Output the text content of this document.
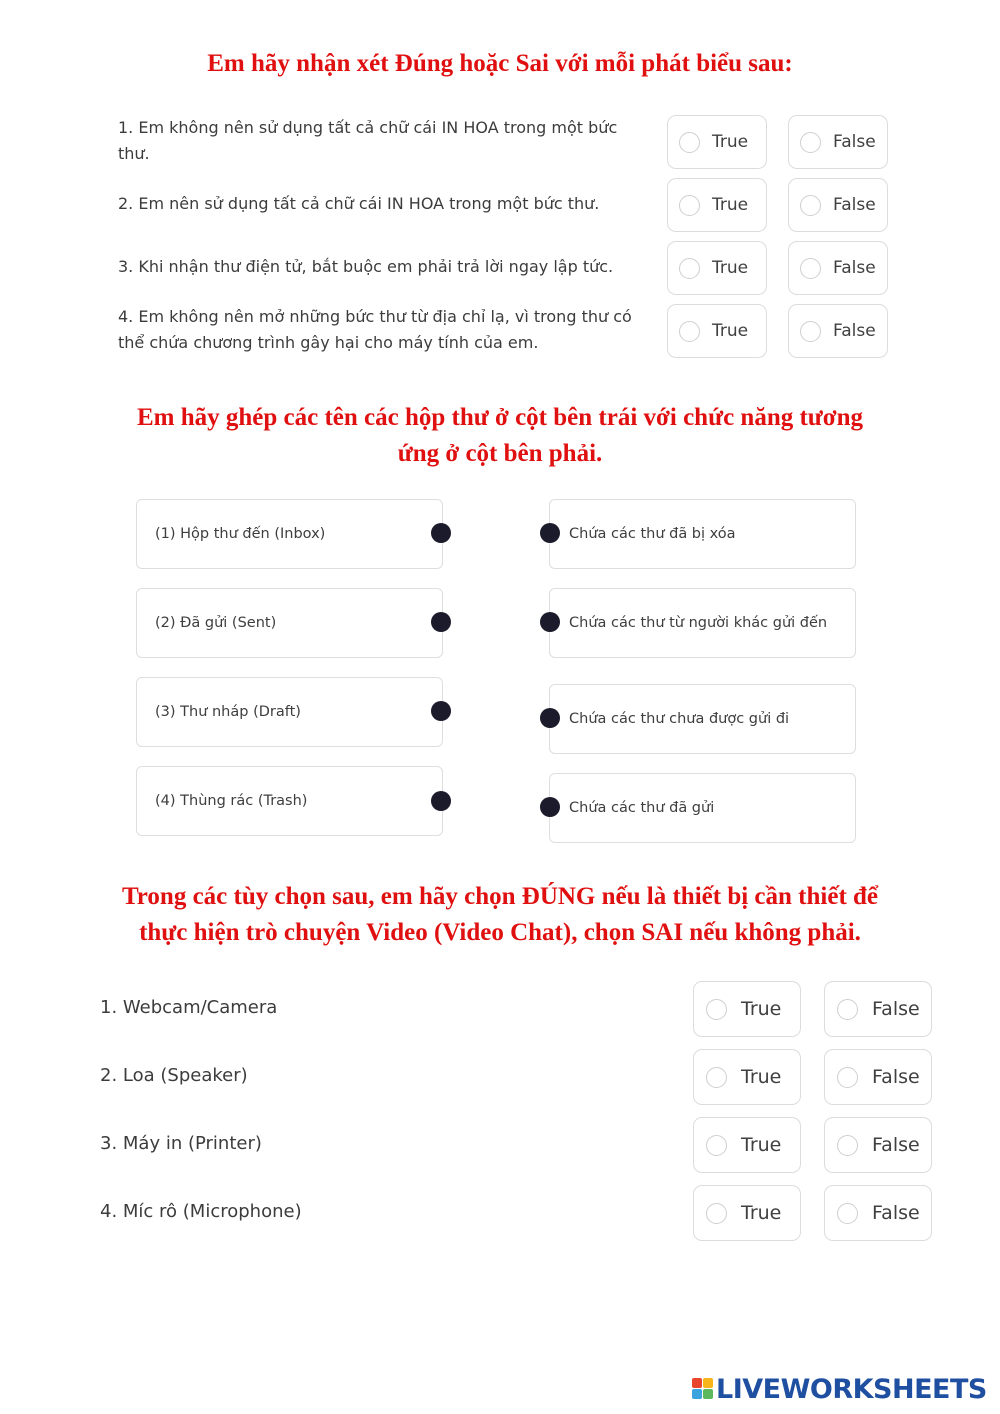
Em hãy nhận xét Đúng hoặc Sai với mỗi phát biểu sau:
1. Em không nên sử dụng tất cả chữ cái IN HOA trong một bức
thư.
True	False
2. Em nên sử dụng tất cả chữ cái IN HOA trong một bức thư.	True	False
3. Khi nhận thư điện tử, bắt buộc em phải trả lời ngay lập tức.	True	False
4. Em không nên mở những bức thư từ địa chỉ lạ, vì trong thư có
thể chứa chương trình gây hại cho máy tính của em.
True	False
Em hãy ghép các tên các hộp thư ở cột bên trái với chức năng tương
ứng ở cột bên phải.
(1) Hộp thư đến (Inbox)
(2) Đã gửi (Sent)
(3) Thư nháp (Draft)
(4) Thùng rác (Trash)
Chứa các thư đã bị xóa
Chứa các thư từ người khác gửi đến
Chứa các thư chưa được gửi đi
Chứa các thư đã gửi
Trong các tùy chọn sau, em hãy chọn ĐÚNG nếu là thiết bị cần thiết để
thực hiện trò chuyện Video (Video Chat), chọn SAI nếu không phải.
1. Webcam/Camera	True	False
2. Loa (Speaker)	True	False
3. Máy in (Printer)	True	False
4. Míc rô (Microphone)	True	False
LIVEWORKSHEETS
